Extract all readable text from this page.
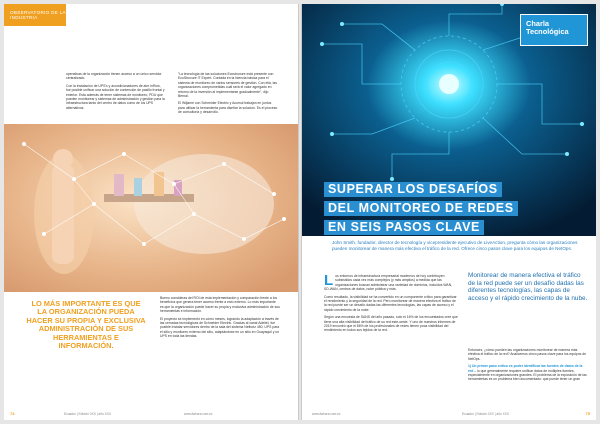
OBSERVATORIO DE LA INDUSTRIA

operativas de la organización tienen acceso a un único servidor centralizado.

Con la instalación de UPS's y acondicionadores de aire InRow, fue posible unificar una solución de contención de pasillo frontal y exterior. Esta además de tener sistemas de monitoreo, PDU que pueden monitorear y sistemas de administración y gestión para la infraestructura tanto del centro de datos como de los UPS alternativos.

"La tecnología de las soluciones Ecostruxure está presente con EcoStruxure IT Expert. Contada en la licencia básica para el sistema de monitoreo de varios sensores de gestión. Con ella, las organizaciones comprometidas cuál será el valor agregado en retorno de la inversión al implementarse gradualmente", dijo Bernal.

El Wiljame con Schneider Electric y Acumul trabajan en juntos para utilizar la herramienta para diseñar la solución. Es el proceso de consultoría y desarrollo.

LO MÁS IMPORTANTE ES QUE LA ORGANIZACIÓN PUEDA HACER SU PROPIA Y EXCLUSIVA ADMINISTRACIÓN DE SUS HERRAMIENTAS E INFORMACIÓN.

Bueno consideras del ROI de esta implementación y comparación frente a los beneficios que genera tener acceso frente a esto externo. Lo más importante es que la organización puede hacer su propia y exclusiva administración de sus herramientas e información.

El proyecto se implementó en cómo meses, logrando la adaptación a través de las cerradas tecnológicas de Schneider Electric. Gracias al canal Adeitel, fue posible instalar servidores dentro de la sala del sistema Netbotz 450, UPS para el sitio y monitoreo externo del sitio, adaptándose en un sitio en Guayaquil y un UPS en toda las tiendas.

74	Ecuador | Edición 0XX | año XXX	www.itahora.com.ec
Charla Tecnológica
SUPERAR LOS DESAFÍOS
DEL MONITOREO DE REDES
EN SEIS PASOS CLAVE
John Smith, fundador, director de tecnología y vicepresidente ejecutivo de LiveAction, pregunta cómo las organizaciones pueden monitorear de manera más efectiva el tráfico de la red. Ofrece cinco pasos clave para los equipos de NetOps.

Los entornos de infraestructura empresarial modernos de hoy contribuyen subsistidos cada vez más complejos (y más amplios) a medida que las organizaciones buscan administrar una variedad de dominios, incluidos WAN, SD-WAN, centros de datos, nube pública y más.

Como resultado, la visibilidad se ha convertido en un componente crítico para garantizar el rendimiento y la seguridad de la red. Pero monitorear de manera efectiva el tráfico de la red puede ser un desafío dadas las diferentes tecnologías, las capas de acceso y el rápido crecimiento de la nube.

Según una encuesta de SANS del año pasado, solo el 16% de los encuestados cree que tiene una alta visibilidad del tráfico de su red este-oeste. Y uno de nuestros informes de 2019 encontró que el 86% de los profesionales de redes tienen poca visibilidad del rendimiento en todos sus tejidos de la red.

Monitorear de manera efectiva el tráfico de la red puede ser un desafío dadas las diferentes tecnologías, las capas de acceso y el rápido crecimiento de la nube.

Entonces, ¿cómo pueden las organizaciones monitorear de manera más efectiva el tráfico de la red? Analicemos cinco pasos clave para los equipos de NetOps.

1) Un primer paso crítico es poder identificar las fuentes de datos de la red – lo que generalmente requiere unificar datos de múltiples fuentes, especialmente en organizaciones grandes. El problema de la exposición de las herramientas es un problema bien documentado: que puede tener un gran

www.itahora.com.ec	Ecuador | Edición 0XX | año XXX	75
